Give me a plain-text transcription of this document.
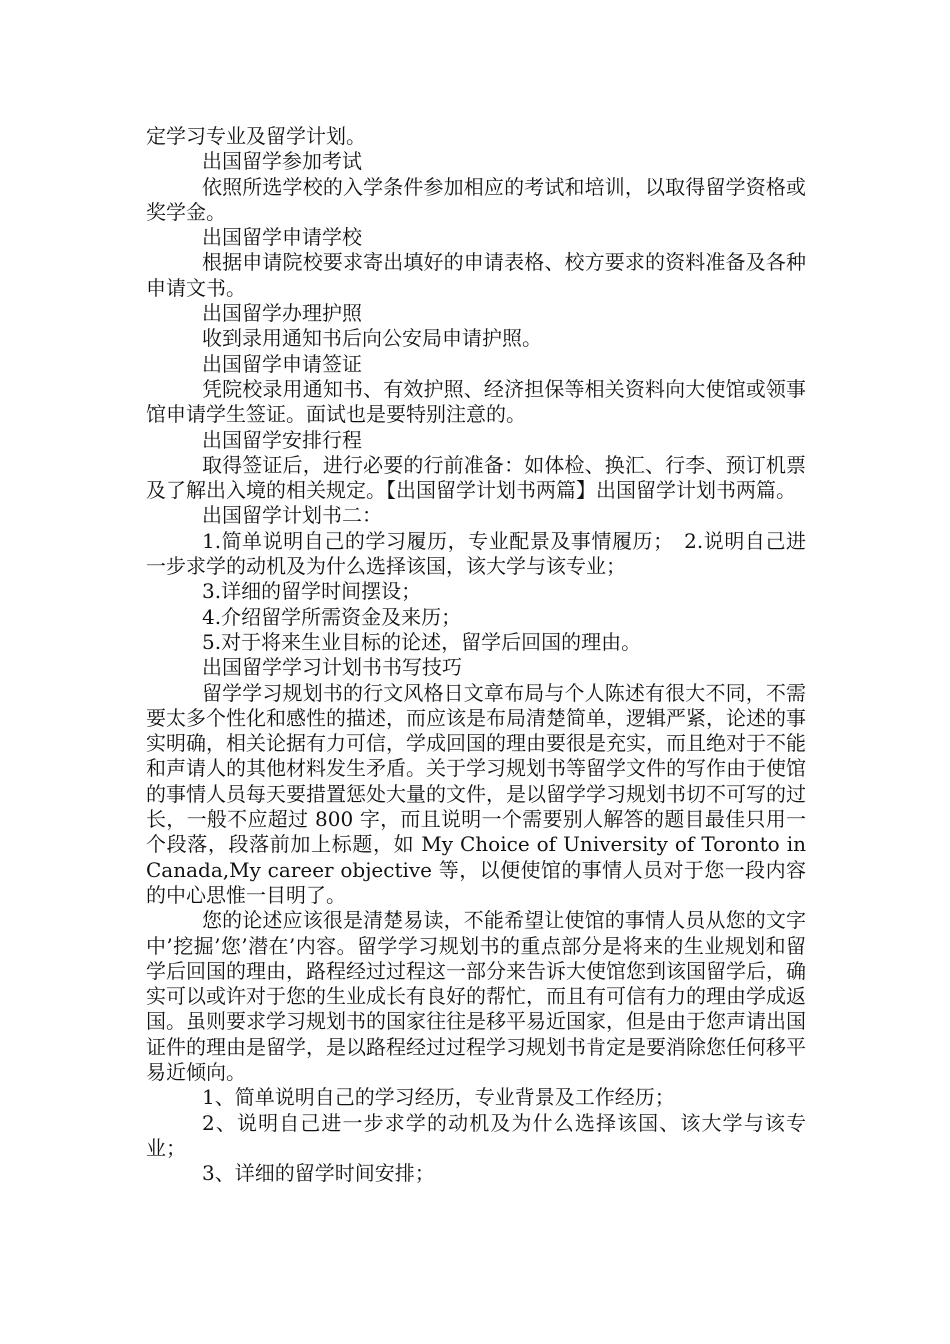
定学习专业及留学计划。

出国留学参加考试

依照所选学校的入学条件参加相应的考试和培训，以取得留学资格或奖学金。

出国留学申请学校

根据申请院校要求寄出填好的申请表格、校方要求的资料准备及各种申请文书。

出国留学办理护照

收到录用通知书后向公安局申请护照。

出国留学申请签证

凭院校录用通知书、有效护照、经济担保等相关资料向大使馆或领事馆申请学生签证。面试也是要特别注意的。

出国留学安排行程

取得签证后，进行必要的行前准备：如体检、换汇、行李、预订机票及了解出入境的相关规定。【出国留学计划书两篇】出国留学计划书两篇。

出国留学计划书二：

1.简单说明自己的学习履历，专业配景及事情履历；　2.说明自己进一步求学的动机及为什么选择该国，该大学与该专业；

3.详细的留学时间摆设；

4.介绍留学所需资金及来历；

5.对于将来生业目标的论述，留学后回国的理由。

出国留学学习计划书书写技巧

留学学习规划书的行文风格日文章布局与个人陈述有很大不同，不需要太多个性化和感性的描述，而应该是布局清楚简单，逻辑严紧，论述的事实明确，相关论据有力可信，学成回国的理由要很是充实，而且绝对于不能和声请人的其他材料发生矛盾。关于学习规划书等留学文件的写作由于使馆的事情人员每天要措置惩处大量的文件，是以留学学习规划书切不可写的过长，一般不应超过 800 字，而且说明一个需要别人解答的题目最佳只用一个段落，段落前加上标题，如 My Choice of University of Toronto in Canada,My career objective 等，以便使馆的事情人员对于您一段内容的中心思惟一目明了。

您的论述应该很是清楚易读，不能希望让使馆的事情人员从您的文字中’挖掘’您’潜在’内容。留学学习规划书的重点部分是将来的生业规划和留学后回国的理由，路程经过过程这一部分来告诉大使馆您到该国留学后，确实可以或许对于您的生业成长有良好的帮忙，而且有可信有力的理由学成返国。虽则要求学习规划书的国家往往是移平易近国家，但是由于您声请出国证件的理由是留学，是以路程经过过程学习规划书肯定是要消除您任何移平易近倾向。

1、简单说明自己的学习经历，专业背景及工作经历；

2、说明自己进一步求学的动机及为什么选择该国、该大学与该专业；

3、详细的留学时间安排；
